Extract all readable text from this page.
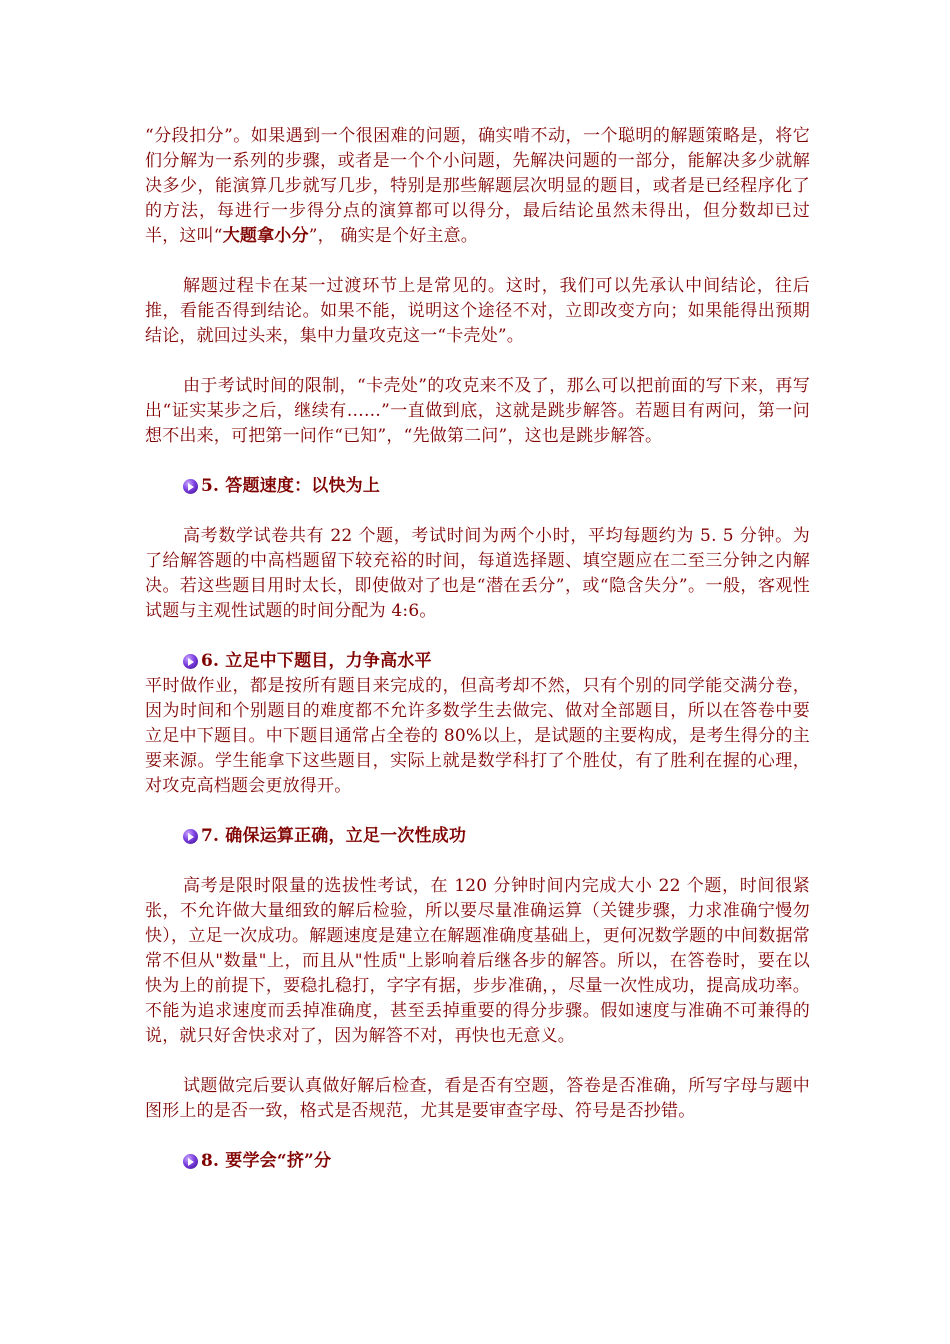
“分段扣分”。如果遇到一个很困难的问题，确实啃不动，一个聪明的解题策略是，将它们分解为一系列的步骤，或者是一个个小问题，先解决问题的一部分，能解决多少就解决多少，能演算几步就写几步，特别是那些解题层次明显的题目，或者是已经程序化了的方法，每进行一步得分点的演算都可以得分，最后结论虽然未得出，但分数却已过半，这叫“大题拿小分”， 确实是个好主意。

解题过程卡在某一过渡环节上是常见的。这时，我们可以先承认中间结论，往后推，看能否得到结论。如果不能，说明这个途径不对，立即改变方向；如果能得出预期结论，就回过头来，集中力量攻克这一“卡壳处”。

由于考试时间的限制，“卡壳处”的攻克来不及了，那么可以把前面的写下来，再写出“证实某步之后，继续有……”一直做到底，这就是跳步解答。若题目有两问，第一问想不出来，可把第一问作“已知”，“先做第二问”，这也是跳步解答。

5. 答题速度：以快为上

高考数学试卷共有 22 个题，考试时间为两个小时，平均每题约为 5. 5 分钟。为了给解答题的中高档题留下较充裕的时间，每道选择题、填空题应在二至三分钟之内解决。若这些题目用时太长，即使做对了也是“潜在丢分”，或“隐含失分”。一般，客观性试题与主观性试题的时间分配为 4:6。

6. 立足中下题目，力争高水平

平时做作业，都是按所有题目来完成的，但高考却不然，只有个别的同学能交满分卷，因为时间和个别题目的难度都不允许多数学生去做完、做对全部题目，所以在答卷中要立足中下题目。中下题目通常占全卷的 80%以上，是试题的主要构成，是考生得分的主要来源。学生能拿下这些题目，实际上就是数学科打了个胜仗，有了胜利在握的心理，对攻克高档题会更放得开。

7. 确保运算正确，立足一次性成功

高考是限时限量的选拔性考试，在 120 分钟时间内完成大小 22 个题，时间很紧张，不允许做大量细致的解后检验，所以要尽量准确运算（关键步骤，力求准确宁慢勿快），立足一次成功。解题速度是建立在解题准确度基础上，更何况数学题的中间数据常常不但从"数量"上，而且从"性质"上影响着后继各步的解答。所以，在答卷时，要在以快为上的前提下，要稳扎稳打，字字有据，步步准确，，尽量一次性成功，提高成功率。不能为追求速度而丢掉准确度，甚至丢掉重要的得分步骤。假如速度与准确不可兼得的说，就只好舍快求对了，因为解答不对，再快也无意义。

试题做完后要认真做好解后检查，看是否有空题，答卷是否准确，所写字母与题中图形上的是否一致，格式是否规范，尤其是要审查字母、符号是否抄错。

8. 要学会“挤”分
